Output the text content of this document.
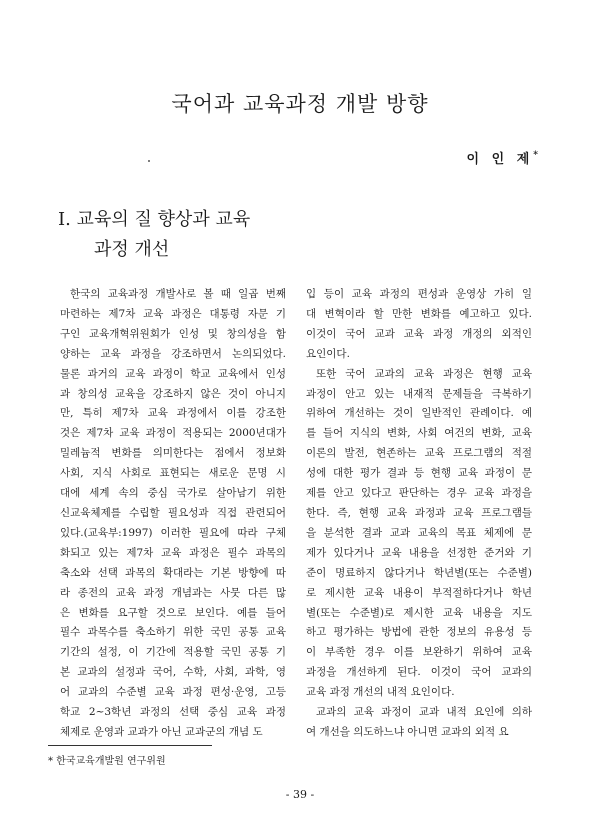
국어과 교육과정 개발 방향
이 인 제*
Ⅰ. 교육의 질 향상과 교육
과정 개선
한국의 교육과정 개발사로 볼 때 일곱 번째
마련하는 제7차 교육 과정은 대통령 자문 기
구인 교육개혁위원회가 인성 및 창의성을 함
양하는 교육 과정을 강조하면서 논의되었다.
물론 과거의 교육 과정이 학교 교육에서 인성
과 창의성 교육을 강조하지 않은 것이 아니지
만, 특히 제7차 교육 과정에서 이를 강조한
것은 제7차 교육 과정이 적용되는 2000년대가
밀레늄적 변화를 의미한다는 점에서 정보화
사회, 지식 사회로 표현되는 새로운 문명 시
대에 세계 속의 중심 국가로 살아남기 위한
신교육체제를 수립할 필요성과 직접 관련되어
있다.(교육부:1997) 이러한 필요에 따라 구체
화되고 있는 제7차 교육 과정은 필수 과목의
축소와 선택 과목의 확대라는 기본 방향에 따
라 종전의 교육 과정 개념과는 사뭇 다른 많
은 변화를 요구할 것으로 보인다. 예를 들어
필수 과목수를 축소하기 위한 국민 공통 교육
기간의 설정, 이 기간에 적용할 국민 공통 기
본 교과의 설정과 국어, 수학, 사회, 과학, 영
어 교과의 수준별 교육 과정 편성·운영, 고등
학교 2~3학년 과정의 선택 중심 교육 과정
체제로 운영과 교과가 아닌 교과군의 개념 도
입 등이 교육 과정의 편성과 운영상 가히 일
대 변혁이라 할 만한 변화를 예고하고 있다.
이것이 국어 교과 교육 과정 개정의 외적인
요인이다.
또한 국어 교과의 교육 과정은 현행 교육
과정이 안고 있는 내재적 문제들을 극복하기
위하여 개선하는 것이 일반적인 관례이다. 예
를 들어 지식의 변화, 사회 여건의 변화, 교육
이론의 발전, 현존하는 교육 프로그램의 적절
성에 대한 평가 결과 등 현행 교육 과정이 문
제를 안고 있다고 판단하는 경우 교육 과정을
한다. 즉, 현행 교육 과정과 교육 프로그램들
을 분석한 결과 교과 교육의 목표 체제에 문
제가 있다거나 교육 내용을 선정한 준거와 기
준이 명료하지 않다거나 학년별(또는 수준별)
로 제시한 교육 내용이 부적절하다거나 학년
별(또는 수준별)로 제시한 교육 내용을 지도
하고 평가하는 방법에 관한 정보의 유용성 등
이 부족한 경우 이를 보완하기 위하여 교육
과정을 개선하게 된다. 이것이 국어 교과의
교육 과정 개선의 내적 요인이다.
교과의 교육 과정이 교과 내적 요인에 의하
여 개선을 의도하느냐 아니면 교과의 외적 요
* 한국교육개발원 연구위원
- 39 -
